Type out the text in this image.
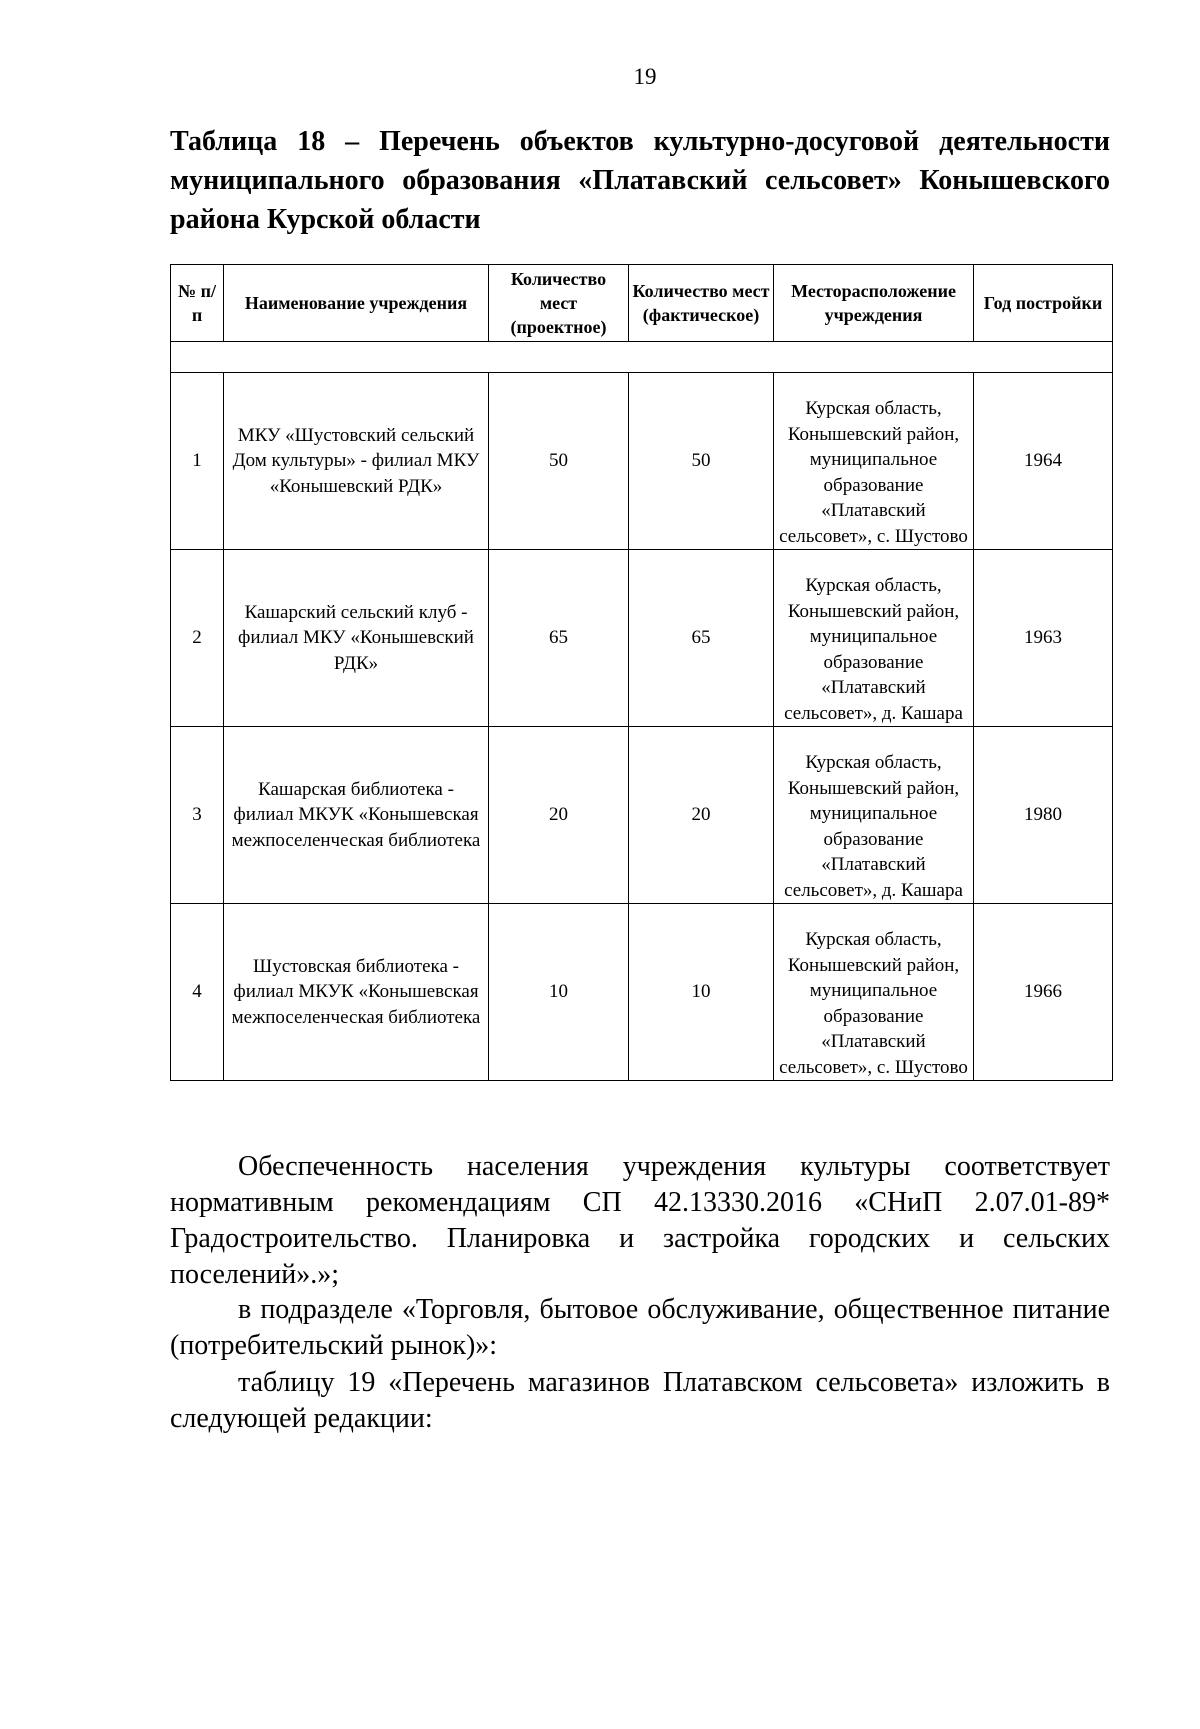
19
Таблица 18 – Перечень объектов культурно-досуговой деятельности муниципального образования «Платавский сельсовет» Конышевского района Курской области
№ п/п	Наименование учреждения	Количество мест (проектное)	Количество мест (фактическое)	Месторасположение учреждения	Год постройки

1	МКУ «Шустовский сельский Дом культуры» - филиал МКУ «Конышевский РДК»	50	50	Курская область, Конышевский район, муниципальное образование «Платавский сельсовет», с. Шустово	1964
2	Кашарский сельский клуб - филиал МКУ «Конышевский РДК»	65	65	Курская область, Конышевский район, муниципальное образование «Платавский сельсовет», д. Кашара	1963
3	Кашарская библиотека - филиал МКУК «Конышевская межпоселенческая библиотека	20	20	Курская область, Конышевский район, муниципальное образование «Платавский сельсовет», д. Кашара	1980
4	Шустовская библиотека - филиал МКУК «Конышевская межпоселенческая библиотека	10	10	Курская область, Конышевский район, муниципальное образование «Платавский сельсовет», с. Шустово	1966
Обеспеченность населения учреждения культуры соответствует нормативным рекомендациям СП 42.13330.2016 «СНиП 2.07.01-89* Градостроительство. Планировка и застройка городских и сельских поселений».»;
в подразделе «Торговля, бытовое обслуживание, общественное питание (потребительский рынок)»:
таблицу 19 «Перечень магазинов Платавском сельсовета» изложить в следующей редакции:
